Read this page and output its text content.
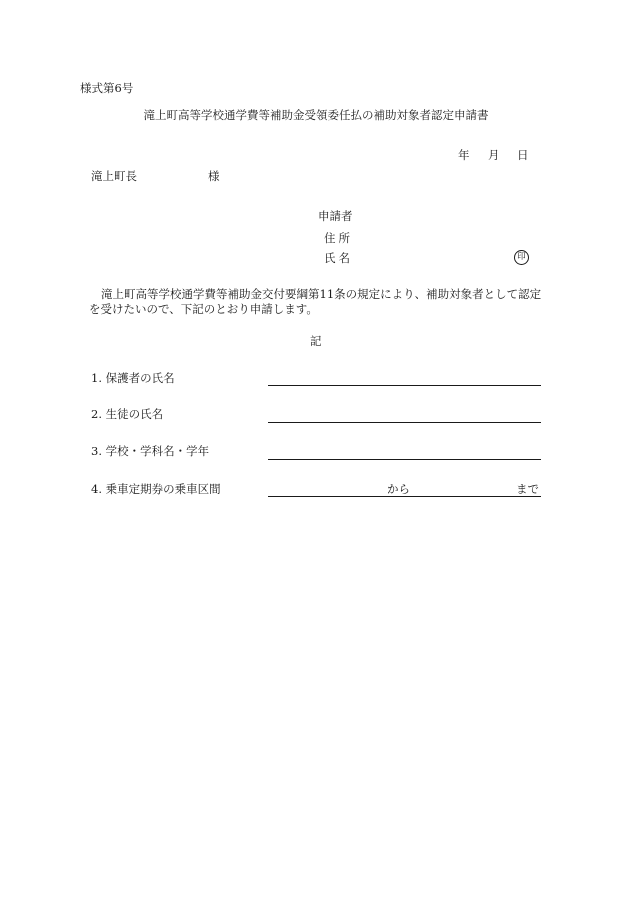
様式第6号
滝上町高等学校通学費等補助金受領委任払の補助対象者認定申請書
年 月 日
滝上町長	様
申請者
住所
氏名	印

滝上町高等学校通学費等補助金交付要綱第11条の規定により、補助対象者として認定

を受けたいので、下記のとおり申請します。

記
1. 保護者の氏名
2. 生徒の氏名
3. 学校・学科名・学年
4. 乗車定期券の乗車区間	から	まで
